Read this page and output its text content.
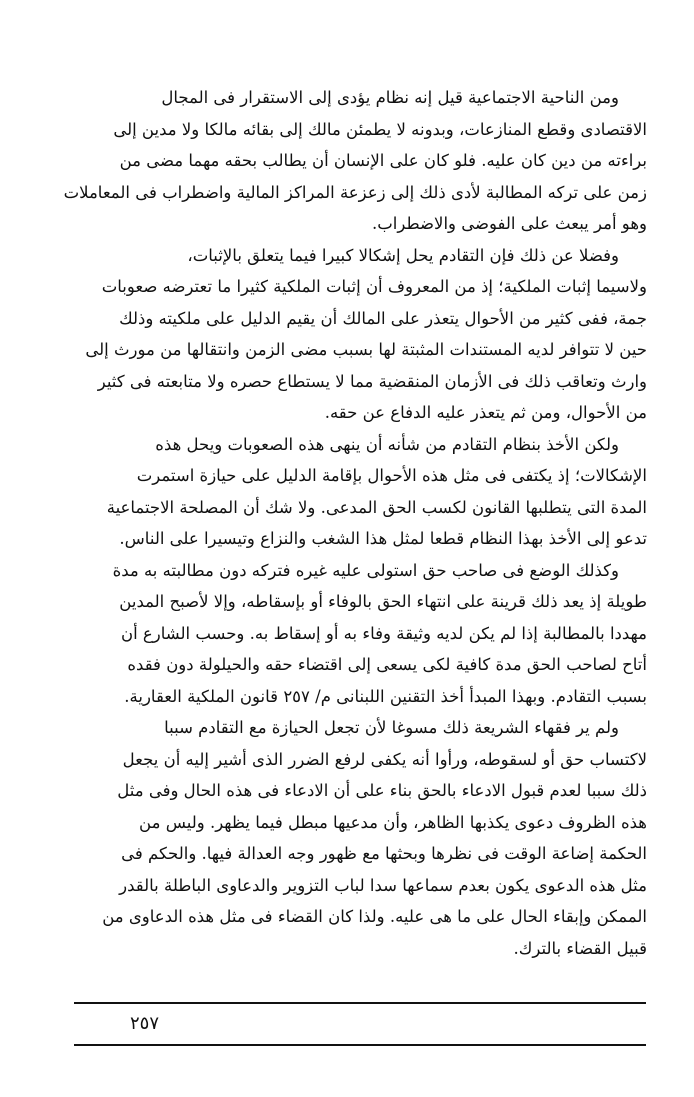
ومن الناحية الاجتماعية قيل إنه نظام يؤدى إلى الاستقرار فى المجال
الاقتصادى وقطع المنازعات، وبدونه لا يطمئن مالك إلى بقائه مالكا ولا مدين إلى
براءته من دين كان عليه. فلو كان على الإنسان أن يطالب بحقه مهما مضى من
زمن على تركه المطالبة لأدى ذلك إلى زعزعة المراكز المالية واضطراب فى المعاملات
وهو أمر يبعث على الفوضى والاضطراب.
وفضلا عن ذلك فإن التقادم يحل إشكالا كبيرا فيما يتعلق بالإثبات،
ولاسيما إثبات الملكية؛ إذ من المعروف أن إثبات الملكية كثيرا ما تعترضه صعوبات
جمة، ففى كثير من الأحوال يتعذر على المالك أن يقيم الدليل على ملكيته وذلك
حين لا تتوافر لديه المستندات المثبتة لها بسبب مضى الزمن وانتقالها من مورث إلى
وارث وتعاقب ذلك فى الأزمان المنقضية مما لا يستطاع حصره ولا متابعته فى كثير
من الأحوال، ومن ثم يتعذر عليه الدفاع عن حقه.
ولكن الأخذ بنظام التقادم من شأنه أن ينهى هذه الصعوبات ويحل هذه
الإشكالات؛ إذ يكتفى فى مثل هذه الأحوال بإقامة الدليل على حيازة استمرت
المدة التى يتطلبها القانون لكسب الحق المدعى. ولا شك أن المصلحة الاجتماعية
تدعو إلى الأخذ بهذا النظام قطعا لمثل هذا الشغب والنزاع وتيسيرا على الناس.
وكذلك الوضع فى صاحب حق استولى عليه غيره فتركه دون مطالبته به مدة
طويلة إذ يعد ذلك قرينة على انتهاء الحق بالوفاء أو بإسقاطه، وإلا لأصبح المدين
مهددا بالمطالبة إذا لم يكن لديه وثيقة وفاء به أو إسقاط به. وحسب الشارع أن
أتاح لصاحب الحق مدة كافية لكى يسعى إلى اقتضاء حقه والحيلولة دون فقده
بسبب التقادم. وبهذا المبدأ أخذ التقنين اللبنانى م/ ٢٥٧ قانون الملكية العقارية.
ولم ير فقهاء الشريعة ذلك مسوغا لأن تجعل الحيازة مع التقادم سببا
لاكتساب حق أو لسقوطه، ورأوا أنه يكفى لرفع الضرر الذى أشير إليه أن يجعل
ذلك سببا لعدم قبول الادعاء بالحق بناء على أن الادعاء فى هذه الحال وفى مثل
هذه الظروف دعوى يكذبها الظاهر، وأن مدعيها مبطل فيما يظهر. وليس من
الحكمة إضاعة الوقت فى نظرها وبحثها مع ظهور وجه العدالة فيها. والحكم فى
مثل هذه الدعوى يكون بعدم سماعها سدا لباب التزوير والدعاوى الباطلة بالقدر
الممكن وإبقاء الحال على ما هى عليه. ولذا كان القضاء فى مثل هذه الدعاوى من
قبيل القضاء بالترك.
٢٥٧
